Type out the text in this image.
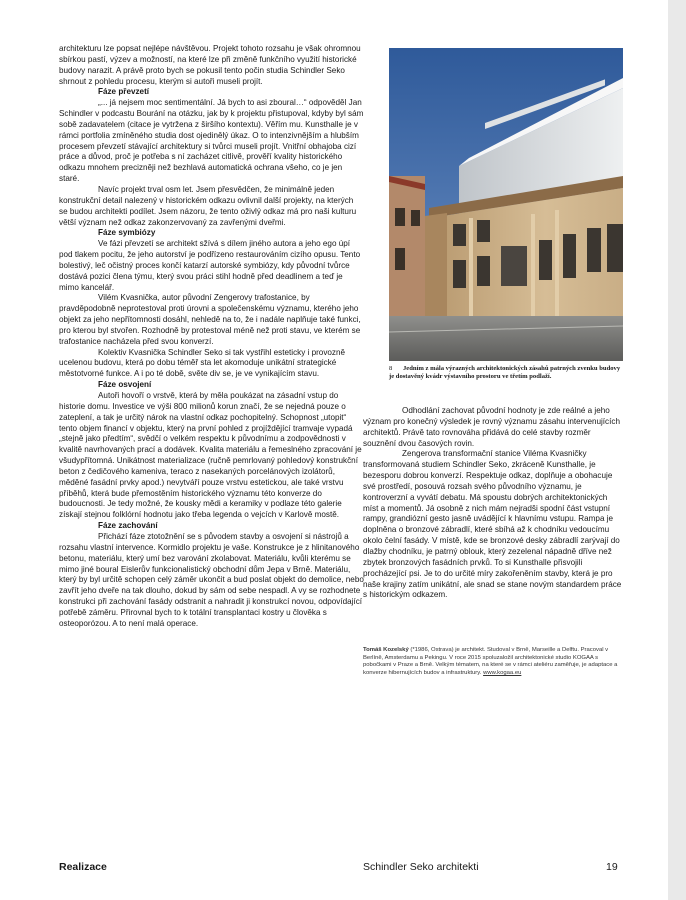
architekturu lze popsat nejlépe návštěvou. Projekt tohoto rozsahu je však ohromnou sbírkou pastí, výzev a možností, na které lze při změně funkčního využití historické budovy narazit. A právě proto bych se pokusil tento počin studia Schindler Seko shrnout z pohledu procesu, kterým si autoři museli projít.

Fáze převzetí

„... já nejsem moc sentimentální. Já bych to asi zboural…“ odpověděl Jan Schindler v podcastu Bourání na otázku, jak by k projektu přistupoval, kdyby byl sám sobě zadavatelem (citace je vytržena z širšího kontextu). Věřím mu. Kunsthalle je v rámci portfolia zmíněného studia dost ojedinělý úkaz. O to intenzivnějším a hlubším procesem převzetí stávající architektury si tvůrci museli projít. Vnitřní obhajoba cizí práce a důvod, proč je potřeba s ní zacházet citlivě, prověří kvality historického odkazu mnohem precizněji než bezhlavá automatická ochrana všeho, co je jen staré.

Navíc projekt trval osm let. Jsem přesvědčen, že minimálně jeden konstrukční detail nalezený v historickém odkazu ovlivnil další projekty, na kterých se budou architekti podílet. Jsem názoru, že tento oživlý odkaz má pro naši kulturu větší význam než odkaz zakonzervovaný za zavřenými dveřmi.

Fáze symbiózy

Ve fázi převzetí se architekt sžívá s dílem jiného autora a jeho ego úpí pod tlakem pocitu, že jeho autorství je podřízeno restaurováním cizího opusu. Tento bolestivý, leč očistný proces končí katarzí autorské symbiózy, kdy původní tvůrce dostává pozici člena týmu, který svou práci stihl hodně před deadlinem a teď je mimo kancelář.

Vilém Kvasnička, autor původní Zengerovy trafostanice, by pravděpodobně neprotestoval proti úrovni a společenskému významu, kterého jeho objekt za jeho nepřítomnosti dosáhl, nehledě na to, že i nadále naplňuje také funkci, pro kterou byl stvořen. Rozhodně by protestoval méně než proti stavu, ve kterém se trafostanice nacházela před svou konverzí.

Kolektiv Kvasnička Schindler Seko si tak vystřihl esteticky i provozně ucelenou budovu, která po dobu téměř sta let akomoduje unikátní strategické městotvorné funkce. A i po té době, světe div se, je ve vynikajícím stavu.

Fáze osvojení

Autoři hovoří o vrstvě, která by měla poukázat na zásadní vstup do historie domu. Investice ve výši 800 milionů korun značí, že se nejedná pouze o zateplení, a tak je určitý nárok na vlastní odkaz pochopitelný. Schopnost „utopit“ tento objem financí v objektu, který na první pohled z projíždějící tramvaje vypadá „stejně jako předtím“, svědčí o velkém respektu k původnímu a zodpovědnosti v kvalitě navrhovaných prací a dodávek. Kvalita materiálu a řemeslného zpracování je všudypřítomná. Unikátnost materializace (ručně pemrlovaný pohledový konstrukční beton z čedičového kameniva, teraco z nasekaných porcelánových izolátorů, měděné fasádní prvky apod.) nevytváří pouze vrstvu estetickou, ale také vrstvu příběhů, která bude přemostěním historického významu této konverze do budoucnosti. Je tedy možné, že kousky mědi a keramiky v podlaze této galerie získají stejnou folklórní hodnotu jako třeba legenda o vejcích v Karlově mostě.

Fáze zachování

Přichází fáze ztotožnění se s původem stavby a osvojení si nástrojů a rozsahu vlastní intervence. Kormidlo projektu je vaše. Konstrukce je z hlinitanového betonu, materiálu, který umí bez varování zkolabovat. Materiálu, kvůli kterému se mimo jiné boural Eislerův funkcionalistický obchodní dům Jepa v Brně. Materiálu, který by byl určitě schopen celý záměr ukončit a bud poslat objekt do demolice, nebo zavřít jeho dveře na tak dlouho, dokud by sám od sebe nespadl. A vy se rozhodnete konstrukci při zachování fasády odstranit a nahradit ji konstrukcí novou, odpovídající potřebě záměru. Přirovnal bych to k totální transplantaci kostry u člověka s osteoporózou. A to není malá operace.

8 Jedním z mála výrazných architektonických zásahů patrných zvenku budovy je dostavěný kvádr výstavního prostoru ve třetím podlaží.

Odhodlání zachovat původní hodnoty je zde reálné a jeho význam pro konečný výsledek je rovný významu zásahu intervenujících architektů. Právě tato rovnováha přidává do celé stavby rozměr souznění dvou časových rovin.

Zengerova transformační stanice Viléma Kvasničky transformovaná studiem Schindler Seko, zkráceně Kunsthalle, je bezesporu dobrou konverzí. Respektuje odkaz, doplňuje a obohacuje své prostředí, posouvá rozsah svého původního významu, je kontroverzní a vyvátí debatu. Má spoustu dobrých architektonických míst a momentů. Já osobně z nich mám nejradši spodní část vstupní rampy, grandiózní gesto jasně uvádějící k hlavnímu vstupu. Rampa je doplněna o bronzové zábradlí, které sbíhá až k chodníku vedoucímu okolo čelní fasády. V místě, kde se bronzové desky zábradlí zarývají do dlažby chodníku, je patrný oblouk, který zezelenal nápadně dříve než zbytek bronzových fasádních prvků. To si Kunsthalle přisvojili procházející psi. Je to do určité míry zakořeněním stavby, která je pro naše krajiny zatím unikátní, ale snad se stane novým standardem práce s historickým odkazem.

Tomáš Kozelský (*1986, Ostrava) je architekt. Studoval v Brně, Marseille a Delftu. Pracoval v Berlíně, Amsterdamu a Pekingu. V roce 2015 spoluzaložil architektonické studio KOGAA s pobočkami v Praze a Brně. Velkým tématem, na které se v rámci ateliéru zaměřuje, je adaptace a konverze hibernujících budov a infrastruktury. www.kogaa.eu
Realizace	Schindler Seko architekti	19
